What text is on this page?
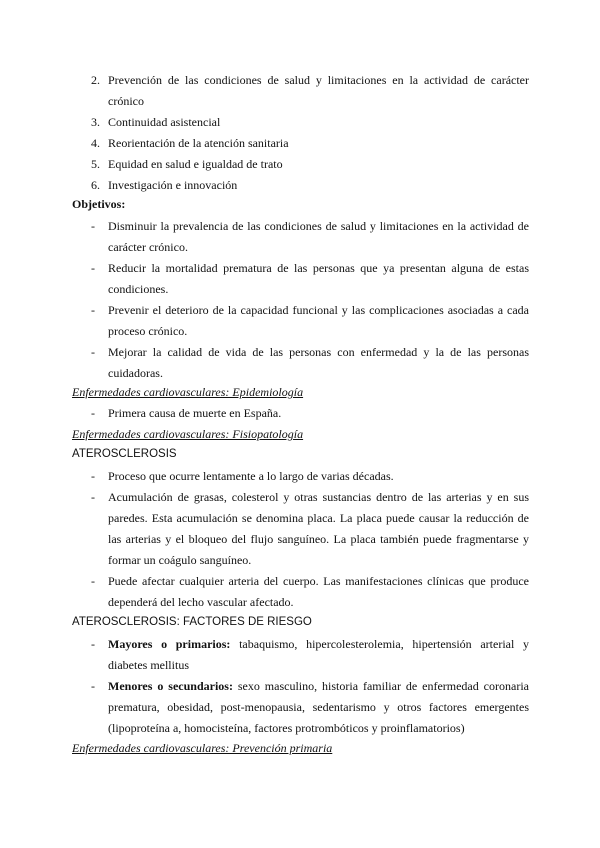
2. Prevención de las condiciones de salud y limitaciones en la actividad de carácter
crónico
3. Continuidad asistencial
4. Reorientación de la atención sanitaria
5. Equidad en salud e igualdad de trato
6. Investigación e innovación
Objetivos:
- Disminuir la prevalencia de las condiciones de salud y limitaciones en la actividad de
carácter crónico.
- Reducir la mortalidad prematura de las personas que ya presentan alguna de estas
condiciones.
- Prevenir el deterioro de la capacidad funcional y las complicaciones asociadas a cada
proceso crónico.
- Mejorar la calidad de vida de las personas con enfermedad y la de las personas
cuidadoras.
Enfermedades cardiovasculares: Epidemiología
- Primera causa de muerte en España.
Enfermedades cardiovasculares: Fisiopatología
ATEROSCLEROSIS
- Proceso que ocurre lentamente a lo largo de varias décadas.
- Acumulación de grasas, colesterol y otras sustancias dentro de las arterias y en sus
paredes. Esta acumulación se denomina placa. La placa puede causar la reducción de
las arterias y el bloqueo del flujo sanguíneo. La placa también puede fragmentarse y
formar un coágulo sanguíneo.
- Puede afectar cualquier arteria del cuerpo. Las manifestaciones clínicas que produce
dependerá del lecho vascular afectado.
ATEROSCLEROSIS: FACTORES DE RIESGO
- Mayores o primarios: tabaquismo, hipercolesterolemia, hipertensión arterial y
diabetes mellitus
- Menores o secundarios: sexo masculino, historia familiar de enfermedad coronaria
prematura, obesidad, post-menopausia, sedentarismo y otros factores emergentes
(lipoproteína a, homocisteína, factores protrombóticos y proinflamatorios)
Enfermedades cardiovasculares: Prevención primaria
